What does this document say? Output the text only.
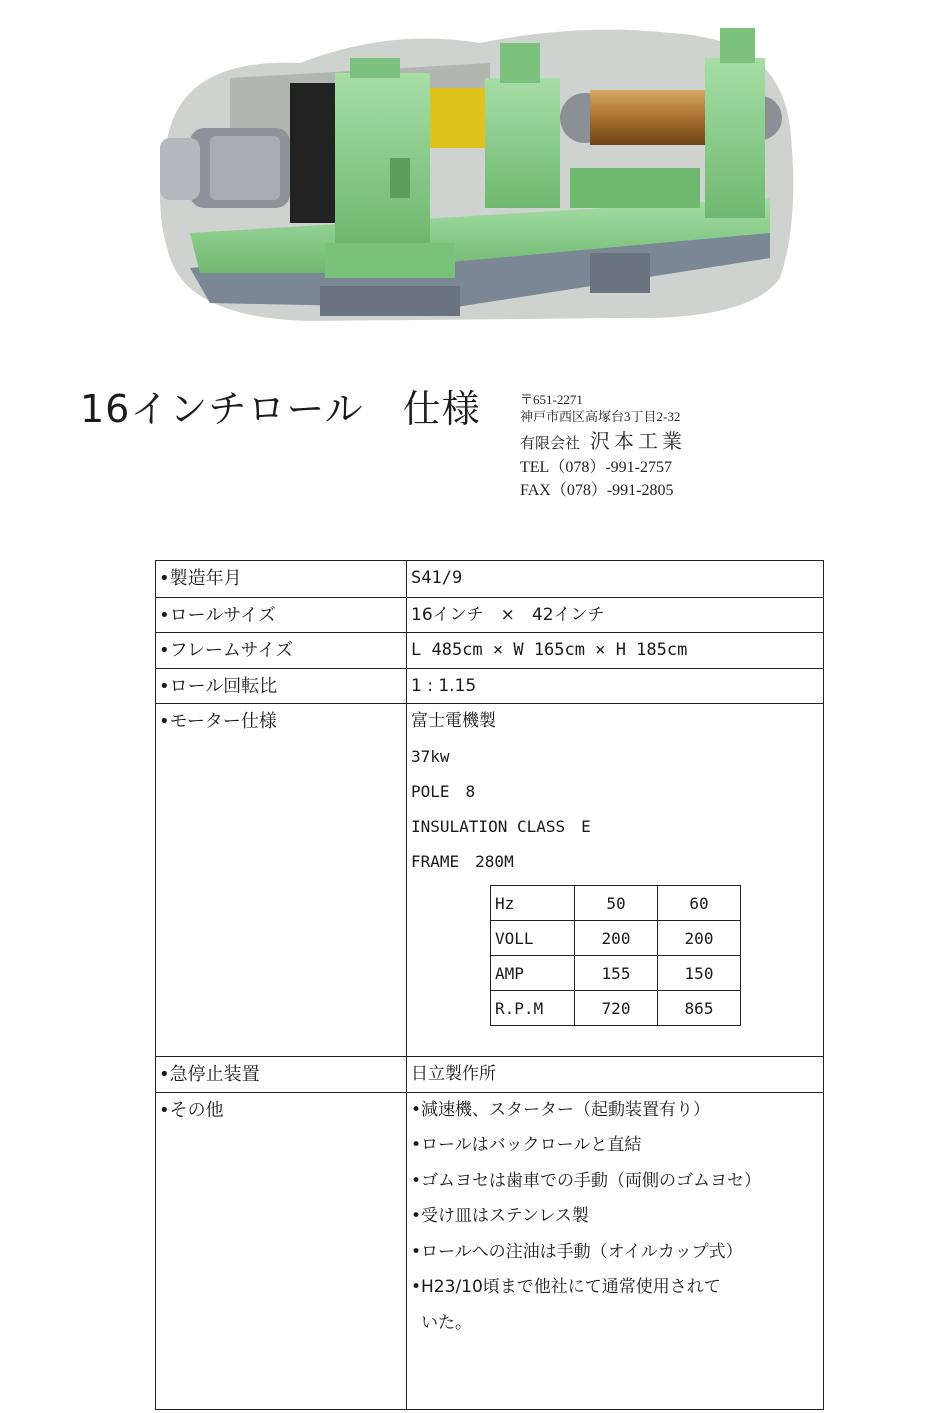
16インチロール　仕様	〒651-2271
神戸市西区高塚台3丁目2-32
有限会社 沢本工業
TEL（078）-991-2757
FAX（078）-991-2805
•製造年月	S41/9
•ロールサイズ	16インチ　×　42インチ
•フレームサイズ	L 485cm × W 165cm × H 185cm
•ロール回転比	1 : 1.15
•モーター仕様	富士電機製
37kw
POLE　8
INSULATION CLASS　E
FRAME　280M
Hz	50	60
VOLL	200	200
AMP	155	150
R.P.M	720	865
•急停止装置	日立製作所
•その他	•減速機、スターター（起動装置有り）
•ロールはバックロールと直結
•ゴムヨセは歯車での手動（両側のゴムヨセ）
•受け皿はステンレス製
•ロールへの注油は手動（オイルカップ式）
•H23/10頃まで他社にて通常使用されて
いた。
